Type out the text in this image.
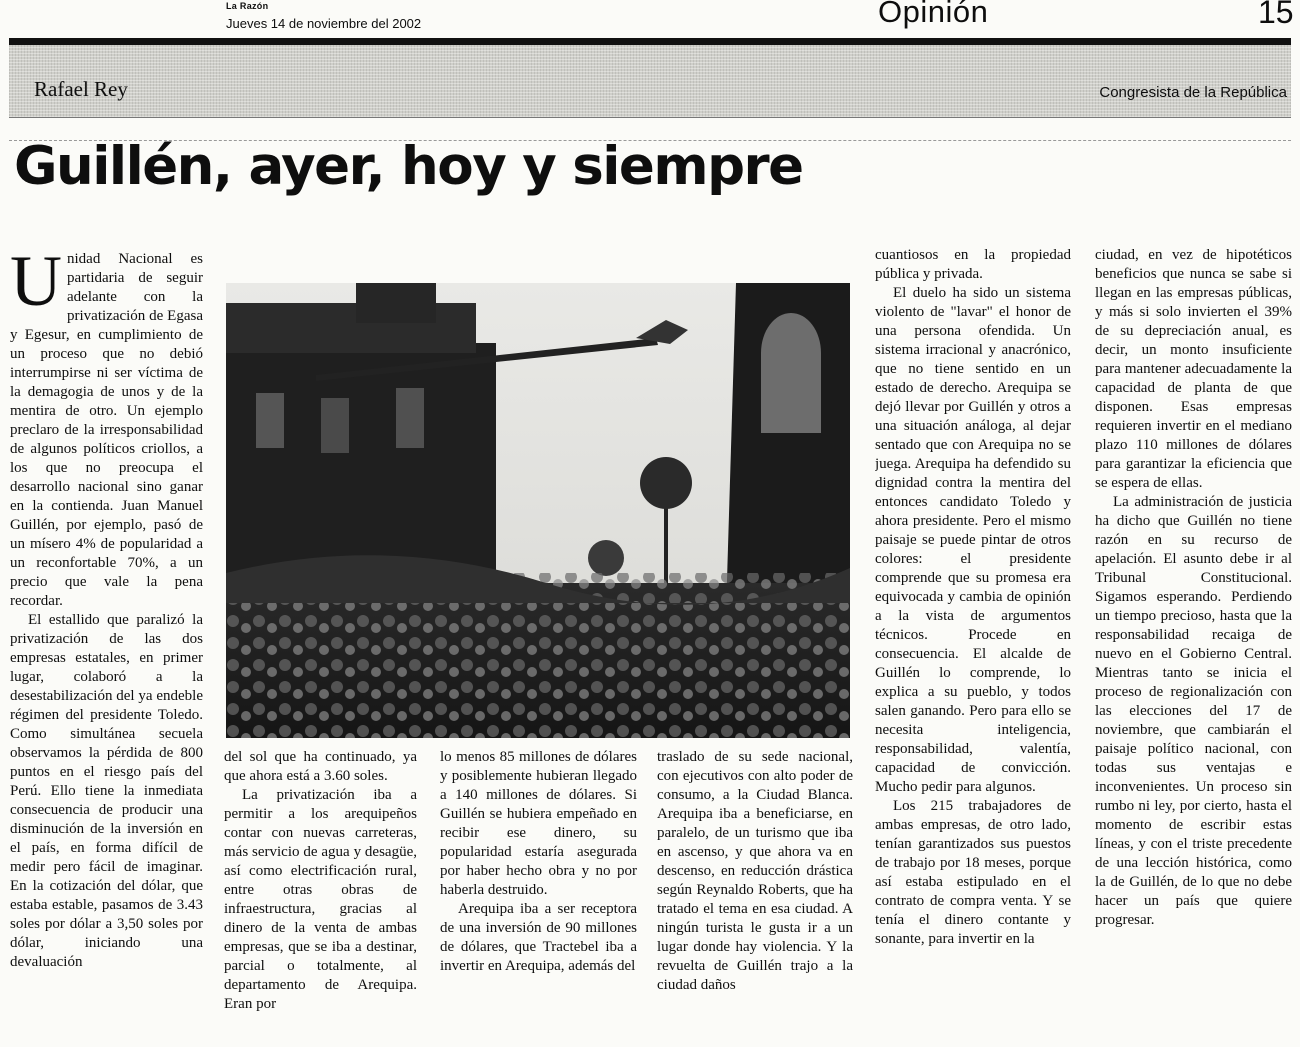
La Razón
Jueves 14 de noviembre del 2002	Opinión	15
Rafael Rey	Congresista de la República
Guillén, ayer, hoy y siempre

Unidad Nacional es partidaria de seguir adelante con la privatización de Egasa y Egesur, en cumplimiento de un proceso que no debió interrumpirse ni ser víctima de la demagogia de unos y de la mentira de otro. Un ejemplo preclaro de la irresponsabilidad de algunos políticos criollos, a los que no preocupa el desarrollo nacional sino ganar en la contienda. Juan Manuel Guillén, por ejemplo, pasó de un mísero 4% de popularidad a un reconfortable 70%, a un precio que vale la pena recordar.

El estallido que paralizó la privatización de las dos empresas estatales, en primer lugar, colaboró a la desestabilización del ya endeble régimen del presidente Toledo. Como simultánea secuela observamos la pérdida de 800 puntos en el riesgo país del Perú. Ello tiene la inmediata consecuencia de producir una disminución de la inversión en el país, en forma difícil de medir pero fácil de imaginar. En la cotización del dólar, que estaba estable, pasamos de 3.43 soles por dólar a 3,50 soles por dólar, iniciando una devaluación

del sol que ha continuado, ya que ahora está a 3.60 soles.

La privatización iba a permitir a los arequipeños contar con nuevas carreteras, más servicio de agua y desagüe, así como electrificación rural, entre otras obras de infraestructura, gracias al dinero de la venta de ambas empresas, que se iba a destinar, parcial o totalmente, al departamento de Arequipa. Eran por

lo menos 85 millones de dólares y posiblemente hubieran llegado a 140 millones de dólares. Si Guillén se hubiera empeñado en recibir ese dinero, su popularidad estaría asegurada por haber hecho obra y no por haberla destruido.

Arequipa iba a ser receptora de una inversión de 90 millones de dólares, que Tractebel iba a invertir en Arequipa, además del

traslado de su sede nacional, con ejecutivos con alto poder de consumo, a la Ciudad Blanca. Arequipa iba a beneficiarse, en paralelo, de un turismo que iba en ascenso, y que ahora va en descenso, en reducción drástica según Reynaldo Roberts, que ha tratado el tema en esa ciudad. A ningún turista le gusta ir a un lugar donde hay violencia. Y la revuelta de Guillén trajo a la ciudad daños

cuantiosos en la propiedad pública y privada.

El duelo ha sido un sistema violento de "lavar" el honor de una persona ofendida. Un sistema irracional y anacrónico, que no tiene sentido en un estado de derecho. Arequipa se dejó llevar por Guillén y otros a una situación análoga, al dejar sentado que con Arequipa no se juega. Arequipa ha defendido su dignidad contra la mentira del entonces candidato Toledo y ahora presidente. Pero el mismo paisaje se puede pintar de otros colores: el presidente comprende que su promesa era equivocada y cambia de opinión a la vista de argumentos técnicos. Procede en consecuencia. El alcalde de Guillén lo comprende, lo explica a su pueblo, y todos salen ganando. Pero para ello se necesita inteligencia, responsabilidad, valentía, capacidad de convicción. Mucho pedir para algunos.

Los 215 trabajadores de ambas empresas, de otro lado, tenían garantizados sus puestos de trabajo por 18 meses, porque así estaba estipulado en el contrato de compra venta. Y se tenía el dinero contante y sonante, para invertir en la

ciudad, en vez de hipotéticos beneficios que nunca se sabe si llegan en las empresas públicas, y más si solo invierten el 39% de su depreciación anual, es decir, un monto insuficiente para mantener adecuadamente la capacidad de planta de que disponen. Esas empresas requieren invertir en el mediano plazo 110 millones de dólares para garantizar la eficiencia que se espera de ellas.

La administración de justicia ha dicho que Guillén no tiene razón en su recurso de apelación. El asunto debe ir al Tribunal Constitucional. Sigamos esperando. Perdiendo un tiempo precioso, hasta que la responsabilidad recaiga de nuevo en el Gobierno Central. Mientras tanto se inicia el proceso de regionalización con las elecciones del 17 de noviembre, que cambiarán el paisaje político nacional, con todas sus ventajas e inconvenientes. Un proceso sin rumbo ni ley, por cierto, hasta el momento de escribir estas líneas, y con el triste precedente de una lección histórica, como la de Guillén, de lo que no debe hacer un país que quiere progresar.
